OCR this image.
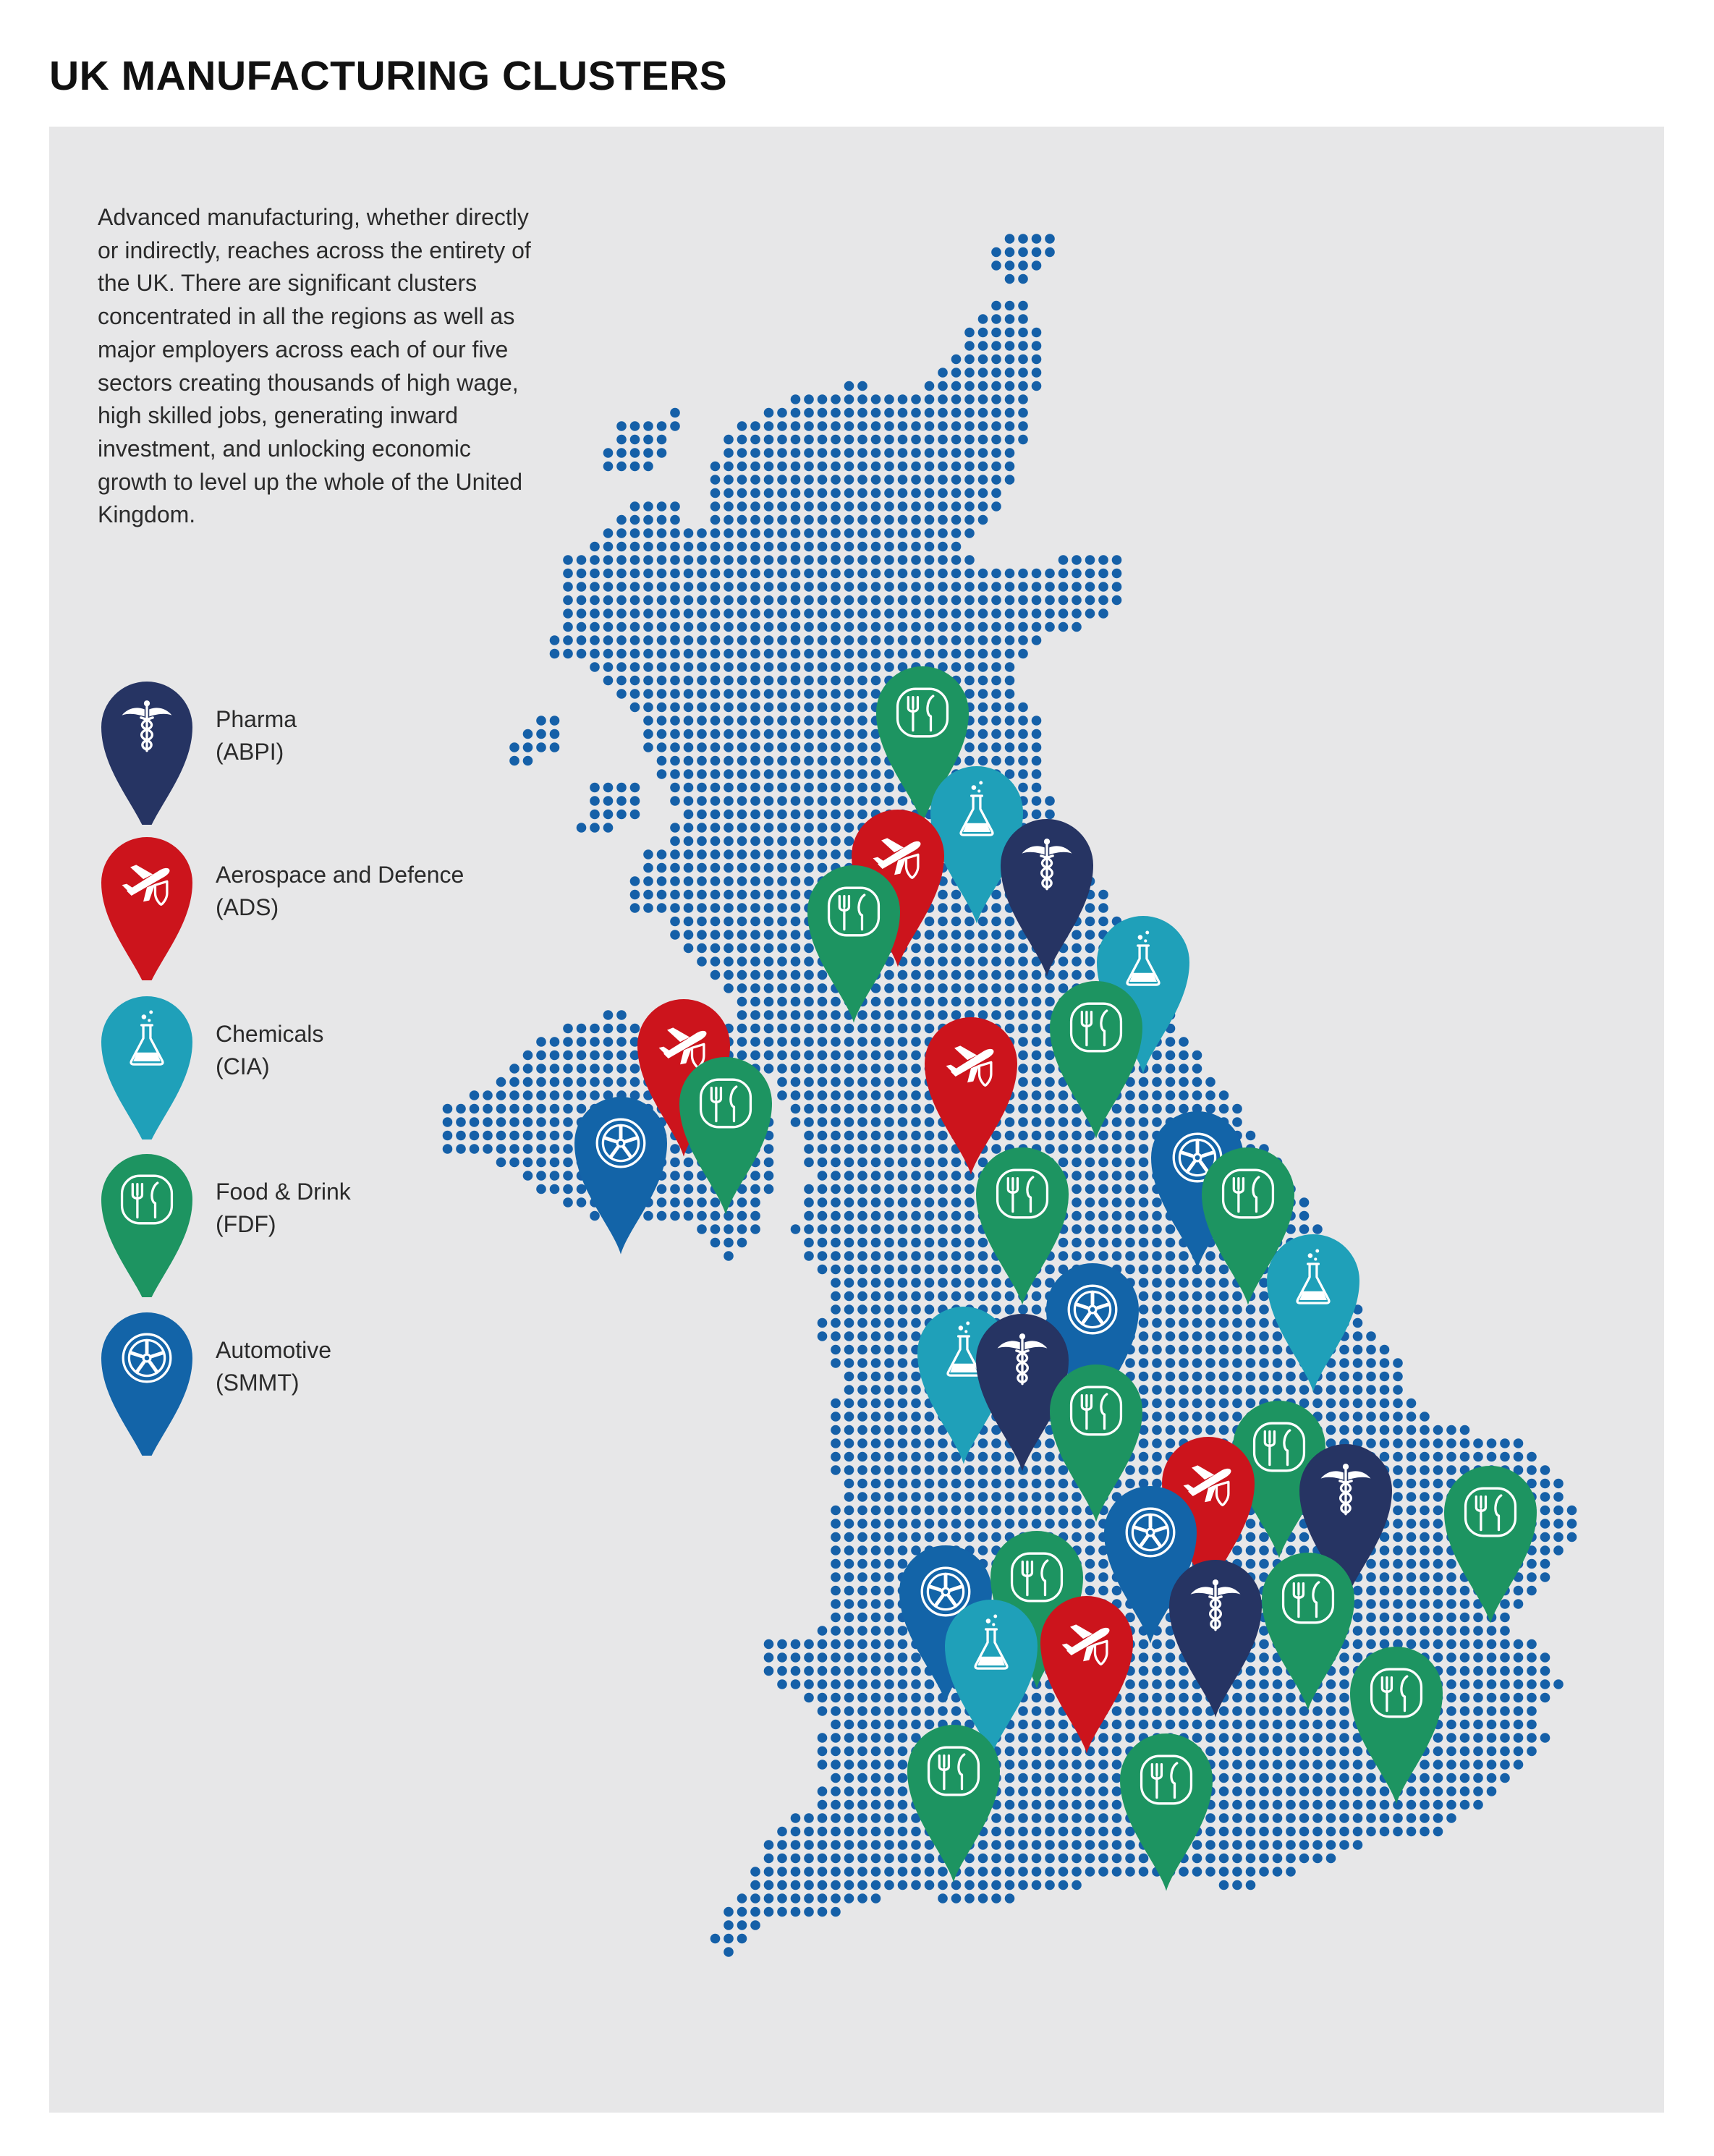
UK MANUFACTURING CLUSTERS

Advanced manufacturing, whether directly or indirectly, reaches across the entirety of the UK. There are significant clusters concentrated in all the regions as well as major employers across each of our five sectors creating thousands of high wage, high skilled jobs, generating inward investment, and unlocking economic growth to level up the whole of the United Kingdom.

Pharma
(ABPI)
Aerospace and Defence
(ADS)
Chemicals
(CIA)
Food & Drink
(FDF)
Automotive
(SMMT)
